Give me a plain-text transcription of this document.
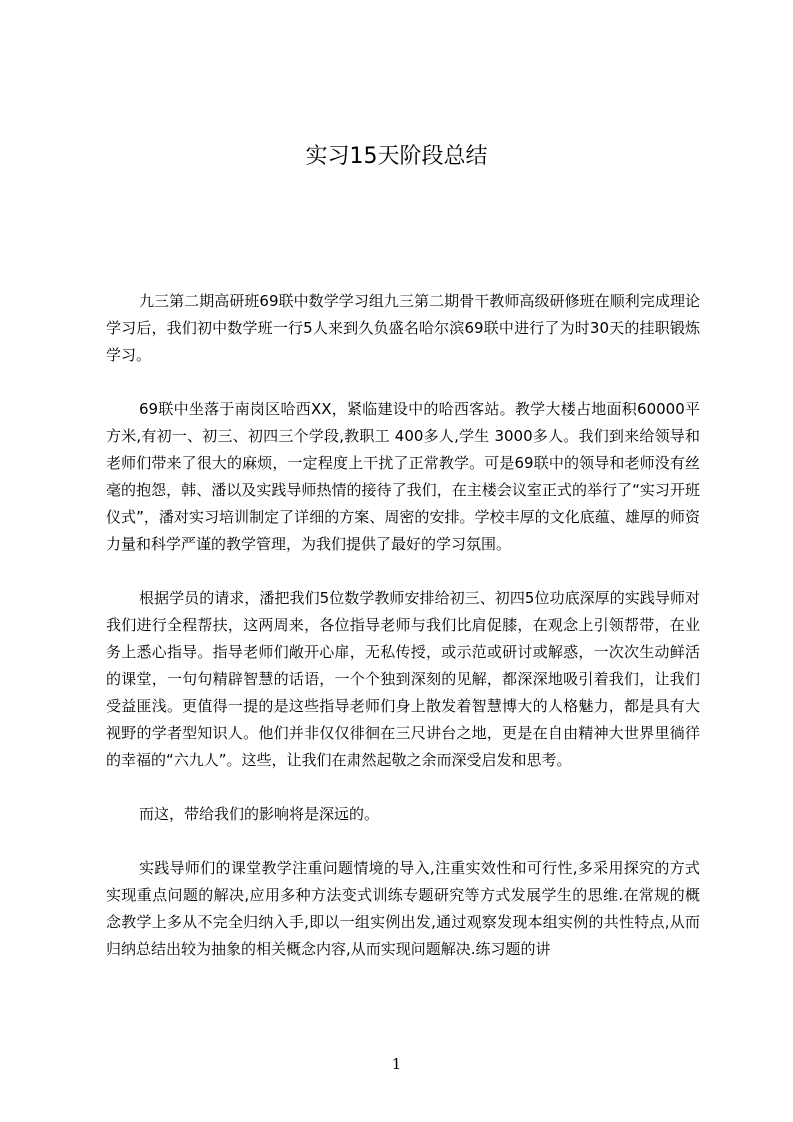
实习15天阶段总结

九三第二期高研班69联中数学学习组九三第二期骨干教师高级研修班在顺利完成理论学习后，我们初中数学班一行5人来到久负盛名哈尔滨69联中进行了为时30天的挂职锻炼学习。

69联中坐落于南岗区哈西XX，紧临建设中的哈西客站。教学大楼占地面积60000平方米,有初一、初三、初四三个学段,教职工 400多人,学生 3000多人。我们到来给领导和老师们带来了很大的麻烦，一定程度上干扰了正常教学。可是69联中的领导和老师没有丝毫的抱怨，韩、潘以及实践导师热情的接待了我们，在主楼会议室正式的举行了“实习开班仪式”，潘对实习培训制定了详细的方案、周密的安排。学校丰厚的文化底蕴、雄厚的师资力量和科学严谨的教学管理，为我们提供了最好的学习氛围。

根据学员的请求，潘把我们5位数学教师安排给初三、初四5位功底深厚的实践导师对我们进行全程帮扶，这两周来，各位指导老师与我们比肩促膝，在观念上引领帮带，在业务上悉心指导。指导老师们敞开心扉，无私传授，或示范或研讨或解惑，一次次生动鲜活的课堂，一句句精辟智慧的话语，一个个独到深刻的见解，都深深地吸引着我们，让我们受益匪浅。更值得一提的是这些指导老师们身上散发着智慧博大的人格魅力，都是具有大视野的学者型知识人。他们并非仅仅徘徊在三尺讲台之地，更是在自由精神大世界里徜徉的幸福的“六九人”。这些，让我们在肃然起敬之余而深受启发和思考。

而这，带给我们的影响将是深远的。

实践导师们的课堂教学注重问题情境的导入,注重实效性和可行性,多采用探究的方式实现重点问题的解决,应用多种方法变式训练专题研究等方式发展学生的思维.在常规的概念教学上多从不完全归纳入手,即以一组实例出发,通过观察发现本组实例的共性特点,从而归纳总结出较为抽象的相关概念内容,从而实现问题解决.练习题的讲

1
